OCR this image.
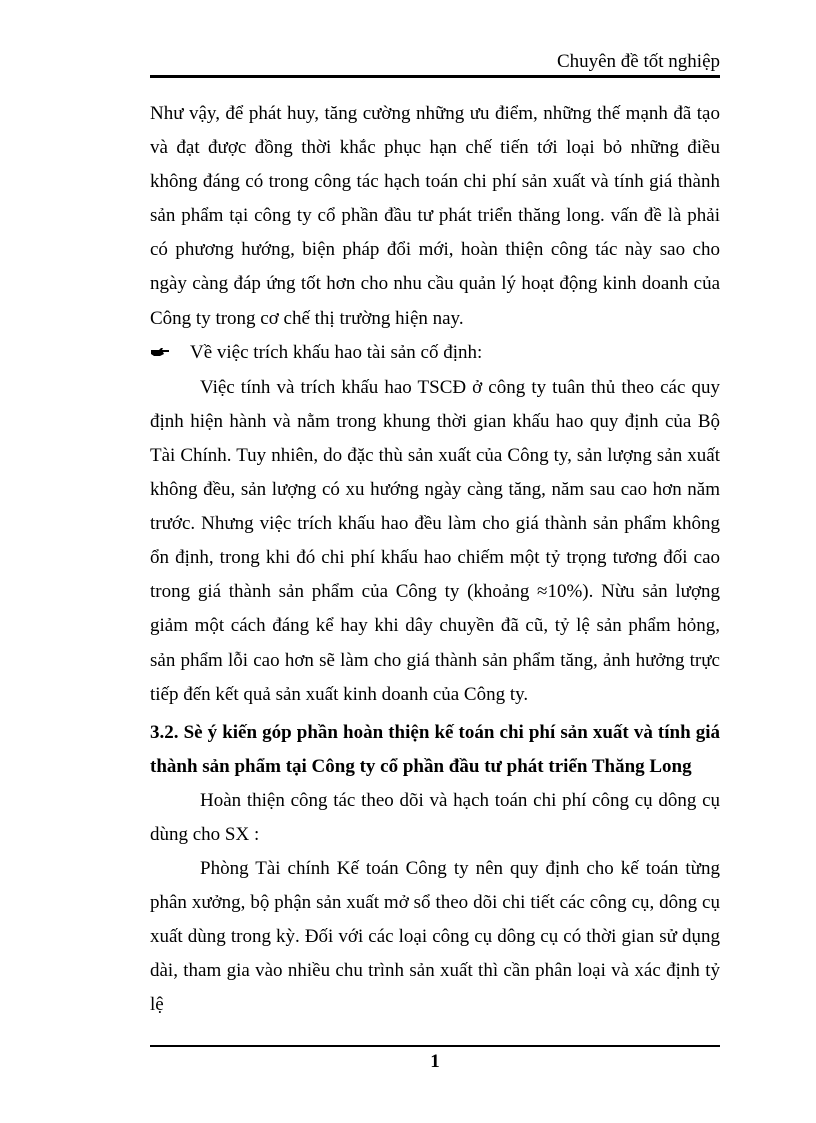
Chuyên đề tốt nghiệp

Như vậy, để phát huy, tăng cường những ưu điểm, những thế mạnh đã tạo và đạt được đồng thời khắc phục hạn chế tiến tới loại bỏ những điều không đáng có trong công tác hạch toán chi phí sản xuất và tính giá thành sản phẩm tại công ty cổ phần đầu tư phát triển thăng long. vấn đề là phải có phương hướng, biện pháp đổi mới, hoàn thiện công tác này sao cho ngày càng đáp ứng tốt hơn cho nhu cầu quản lý hoạt động kinh doanh của Công ty trong cơ chế thị trường hiện nay.

Về việc trích khấu hao tài sản cố định:

Việc tính và trích khấu hao TSCĐ ở công ty tuân thủ theo các quy định hiện hành và nằm trong khung thời gian khấu hao quy định của Bộ Tài Chính. Tuy nhiên, do đặc thù sản xuất của Công ty, sản lượng sản xuất không đều, sản lượng có xu hướng ngày càng tăng, năm sau cao hơn năm trước. Nhưng việc trích khấu hao đều làm cho giá thành sản phẩm không ổn định, trong khi đó chi phí khấu hao chiếm một tỷ trọng tương đối cao trong giá thành sản phẩm của Công ty (khoảng ≈10%). Nừu sản lượng giảm một cách đáng kể hay khi dây chuyền đã cũ, tỷ lệ sản phẩm hỏng, sản phẩm lỗi cao hơn sẽ làm cho giá thành sản phẩm tăng, ảnh hưởng trực tiếp đến kết quả sản xuất kinh doanh của Công ty.

3.2. Sè ý kiến góp phần hoàn thiện kế toán chi phí sản xuất và tính giá thành sản phẩm tại Công ty cổ phần đầu tư phát triển Thăng Long

Hoàn thiện công tác theo dõi và hạch toán chi phí công cụ dông cụ dùng cho SX :

Phòng Tài chính Kế toán Công ty nên quy định cho kế toán từng phân xưởng, bộ phận sản xuất mở sổ theo dõi chi tiết các công cụ, dông cụ xuất dùng trong kỳ. Đối với các loại công cụ dông cụ có thời gian sử dụng dài, tham gia vào nhiều chu trình sản xuất thì cần phân loại và xác định tỷ lệ

1
